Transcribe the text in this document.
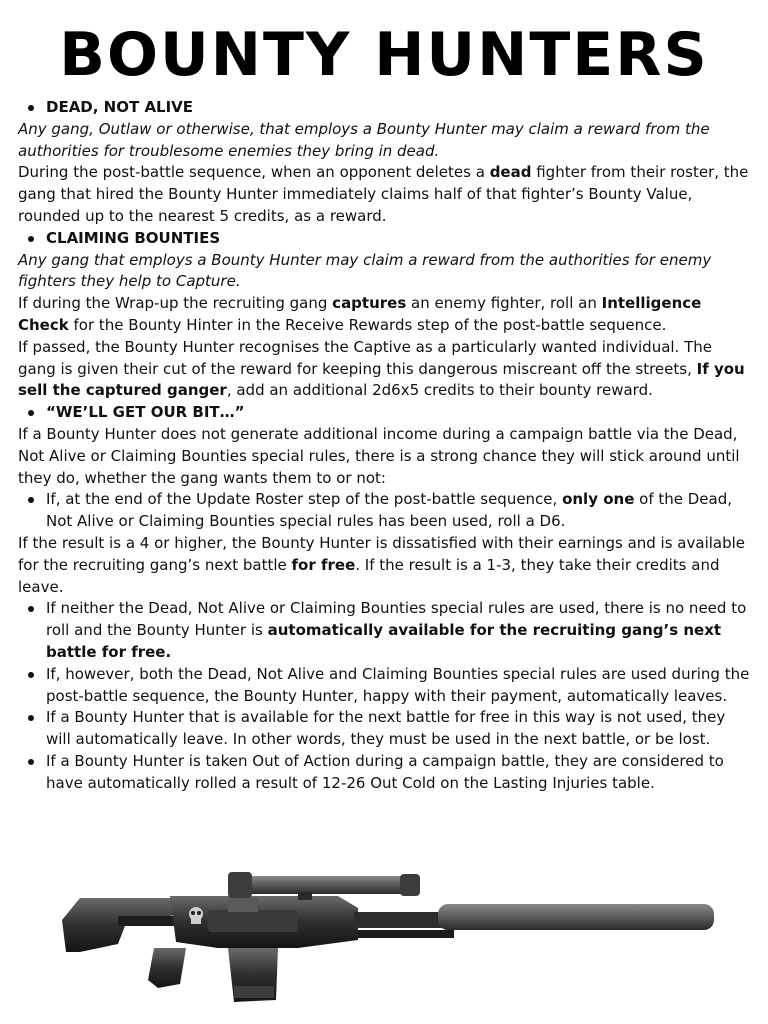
BOUNTY HUNTERS
DEAD, NOT ALIVE

Any gang, Outlaw or otherwise, that employs a Bounty Hunter may claim a reward from the authorities for troublesome enemies they bring in dead.

During the post-battle sequence, when an opponent deletes a dead fighter from their roster, the gang that hired the Bounty Hunter immediately claims half of that fighter’s Bounty Value, rounded up to the nearest 5 credits, as a reward.

CLAIMING BOUNTIES

Any gang that employs a Bounty Hunter may claim a reward from the authorities for enemy fighters they help to Capture.

If during the Wrap-up the recruiting gang captures an enemy fighter, roll an Intelligence Check for the Bounty Hinter in the Receive Rewards step of the post-battle sequence.

If passed, the Bounty Hunter recognises the Captive as a particularly wanted individual. The gang is given their cut of the reward for keeping this dangerous miscreant off the streets, If you sell the captured ganger, add an additional 2d6x5 credits to their bounty reward.

“WE’LL GET OUR BIT…”

If a Bounty Hunter does not generate additional income during a campaign battle via the Dead, Not Alive or Claiming Bounties special rules, there is a strong chance they will stick around until they do, whether the gang wants them to or not:

If, at the end of the Update Roster step of the post-battle sequence, only one of the Dead, Not Alive or Claiming Bounties special rules has been used, roll a D6.

If the result is a 4 or higher, the Bounty Hunter is dissatisfied with their earnings and is available for the recruiting gang’s next battle for free. If the result is a 1-3, they take their credits and leave.

If neither the Dead, Not Alive or Claiming Bounties special rules are used, there is no need to roll and the Bounty Hunter is automatically available for the recruiting gang’s next battle for free.
If, however, both the Dead, Not Alive and Claiming Bounties special rules are used during the post-battle sequence, the Bounty Hunter, happy with their payment, automatically leaves.
If a Bounty Hunter that is available for the next battle for free in this way is not used, they will automatically leave. In other words, they must be used in the next battle, or be lost.
If a Bounty Hunter is taken Out of Action during a campaign battle, they are considered to have automatically rolled a result of 12-26 Out Cold on the Lasting Injuries table.
